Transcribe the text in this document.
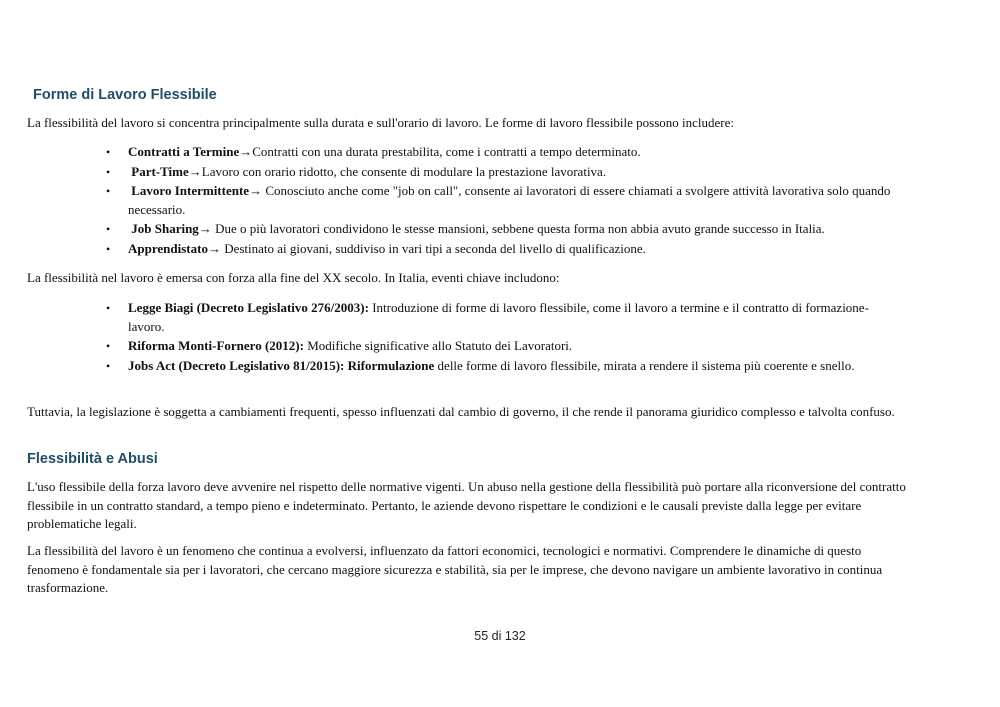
Forme di Lavoro Flessibile

La flessibilità del lavoro si concentra principalmente sulla durata e sull'orario di lavoro. Le forme di lavoro flessibile possono includere:

• Contratti a Termine→Contratti con una durata prestabilita, come i contratti a tempo determinato.
• Part-Time→Lavoro con orario ridotto, che consente di modulare la prestazione lavorativa.
• Lavoro Intermittente→ Conosciuto anche come "job on call", consente ai lavoratori di essere chiamati a svolgere attività lavorativa solo quando necessario.
• Job Sharing→ Due o più lavoratori condividono le stesse mansioni, sebbene questa forma non abbia avuto grande successo in Italia.
• Apprendistato→ Destinato ai giovani, suddiviso in vari tipi a seconda del livello di qualificazione.

La flessibilità nel lavoro è emersa con forza alla fine del XX secolo. In Italia, eventi chiave includono:

• Legge Biagi (Decreto Legislativo 276/2003): Introduzione di forme di lavoro flessibile, come il lavoro a termine e il contratto di formazione-lavoro.
• Riforma Monti-Fornero (2012): Modifiche significative allo Statuto dei Lavoratori.
• Jobs Act (Decreto Legislativo 81/2015): Riformulazione delle forme di lavoro flessibile, mirata a rendere il sistema più coerente e snello.

Tuttavia, la legislazione è soggetta a cambiamenti frequenti, spesso influenzati dal cambio di governo, il che rende il panorama giuridico complesso e talvolta confuso.

Flessibilità e Abusi

L'uso flessibile della forza lavoro deve avvenire nel rispetto delle normative vigenti. Un abuso nella gestione della flessibilità può portare alla riconversione del contratto flessibile in un contratto standard, a tempo pieno e indeterminato. Pertanto, le aziende devono rispettare le condizioni e le causali previste dalla legge per evitare problematiche legali.

La flessibilità del lavoro è un fenomeno che continua a evolversi, influenzato da fattori economici, tecnologici e normativi. Comprendere le dinamiche di questo fenomeno è fondamentale sia per i lavoratori, che cercano maggiore sicurezza e stabilità, sia per le imprese, che devono navigare un ambiente lavorativo in continua trasformazione.

55 di 132
